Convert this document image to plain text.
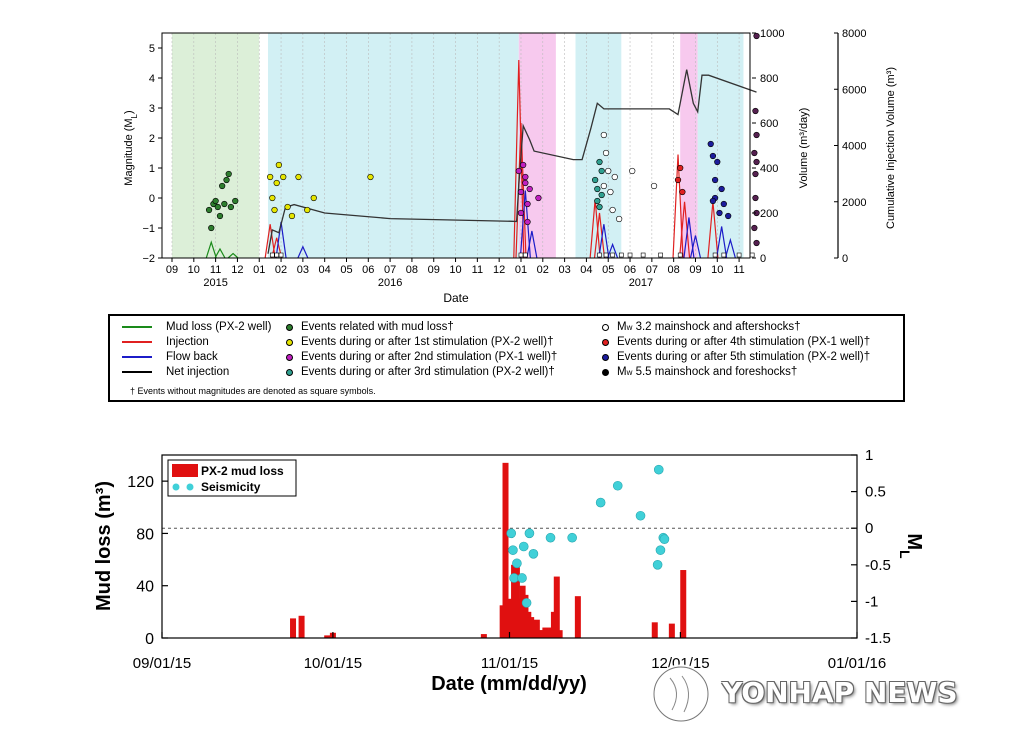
5
4
3
2
1
0
−1
−2
1000
800
600
400
200
0
8000
6000
4000
2000
0
09 10 11 12 01 02 03 04 05 06 07 08 09 10 11 12 01 02 03 04 05 06 07 08 09 10 11
2015	2016	2017
Magnitude $(M_L)$	Volume (m³/day)	Cumulative Injection Volume (m³)
Date
Mud loss (PX-2 well)
Injection
Flow back
Net injection
Events related with mud loss†
Events during or after 1st stimulation (PX-2 well)†
Events during or after 2nd stimulation (PX-1 well)†
Events during or after 3rd stimulation (PX-2 well)†
M w
3.2 mainshock and aftershocks†
Events during or after 4th stimulation (PX-1 well)†
Events during or after 5th stimulation (PX-2 well)†
M w
5.5 mainshock and foreshocks†
† Events without magnitudes are denoted as square symbols.
0
40
80
120
1
0.5
0
-0.5
-1
-1.5
09/01/15	10/01/15	11/01/15	12/01/15	01/01/16
PX-2 mud loss
Seismicity
Mud loss (m³)	$M_L$
Date (mm/dd/yy)	YONHAP NEWS
